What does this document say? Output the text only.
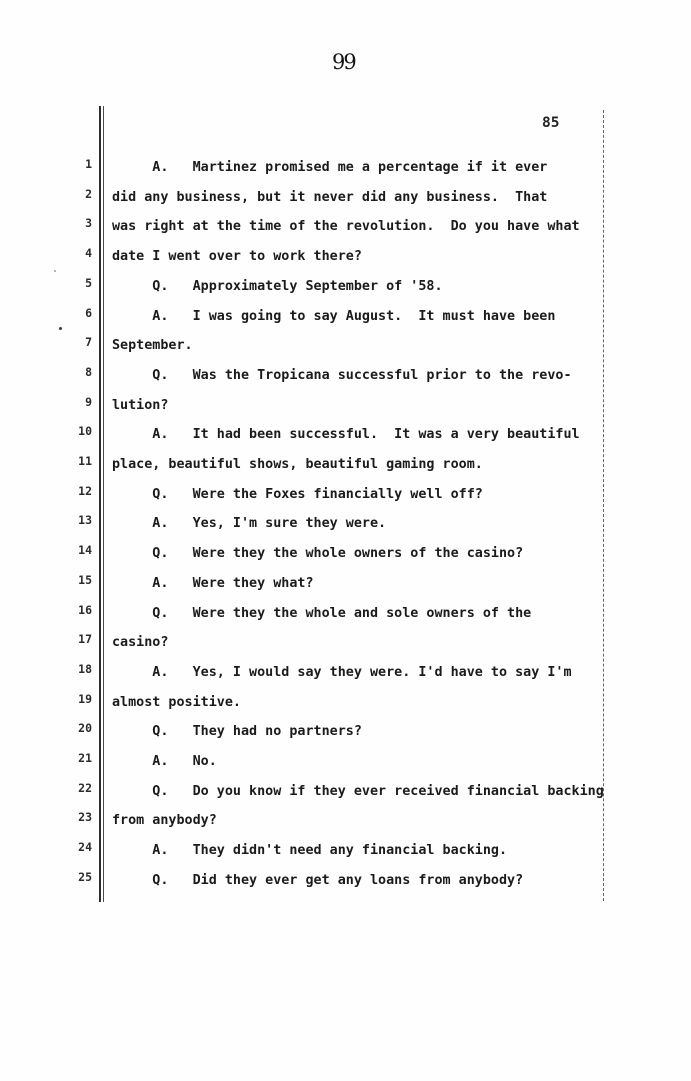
99
85
1 A.   Martinez promised me a percentage if it ever
2 did any business, but it never did any business.  That
3 was right at the time of the revolution.  Do you have what
4 date I went over to work there?
5 Q.   Approximately September of '58.
6 A.   I was going to say August.  It must have been
7 September.
8 Q.   Was the Tropicana successful prior to the revo-
9 lution?
10 A.   It had been successful.  It was a very beautiful
11 place, beautiful shows, beautiful gaming room.
12 Q.   Were the Foxes financially well off?
13 A.   Yes, I'm sure they were.
14 Q.   Were they the whole owners of the casino?
15 A.   Were they what?
16 Q.   Were they the whole and sole owners of the
17 casino?
18 A.   Yes, I would say they were. I'd have to say I'm
19 almost positive.
20 Q.   They had no partners?
21 A.   No.
22 Q.   Do you know if they ever received financial backing
23 from anybody?
24 A.   They didn't need any financial backing.
25 Q.   Did they ever get any loans from anybody?
